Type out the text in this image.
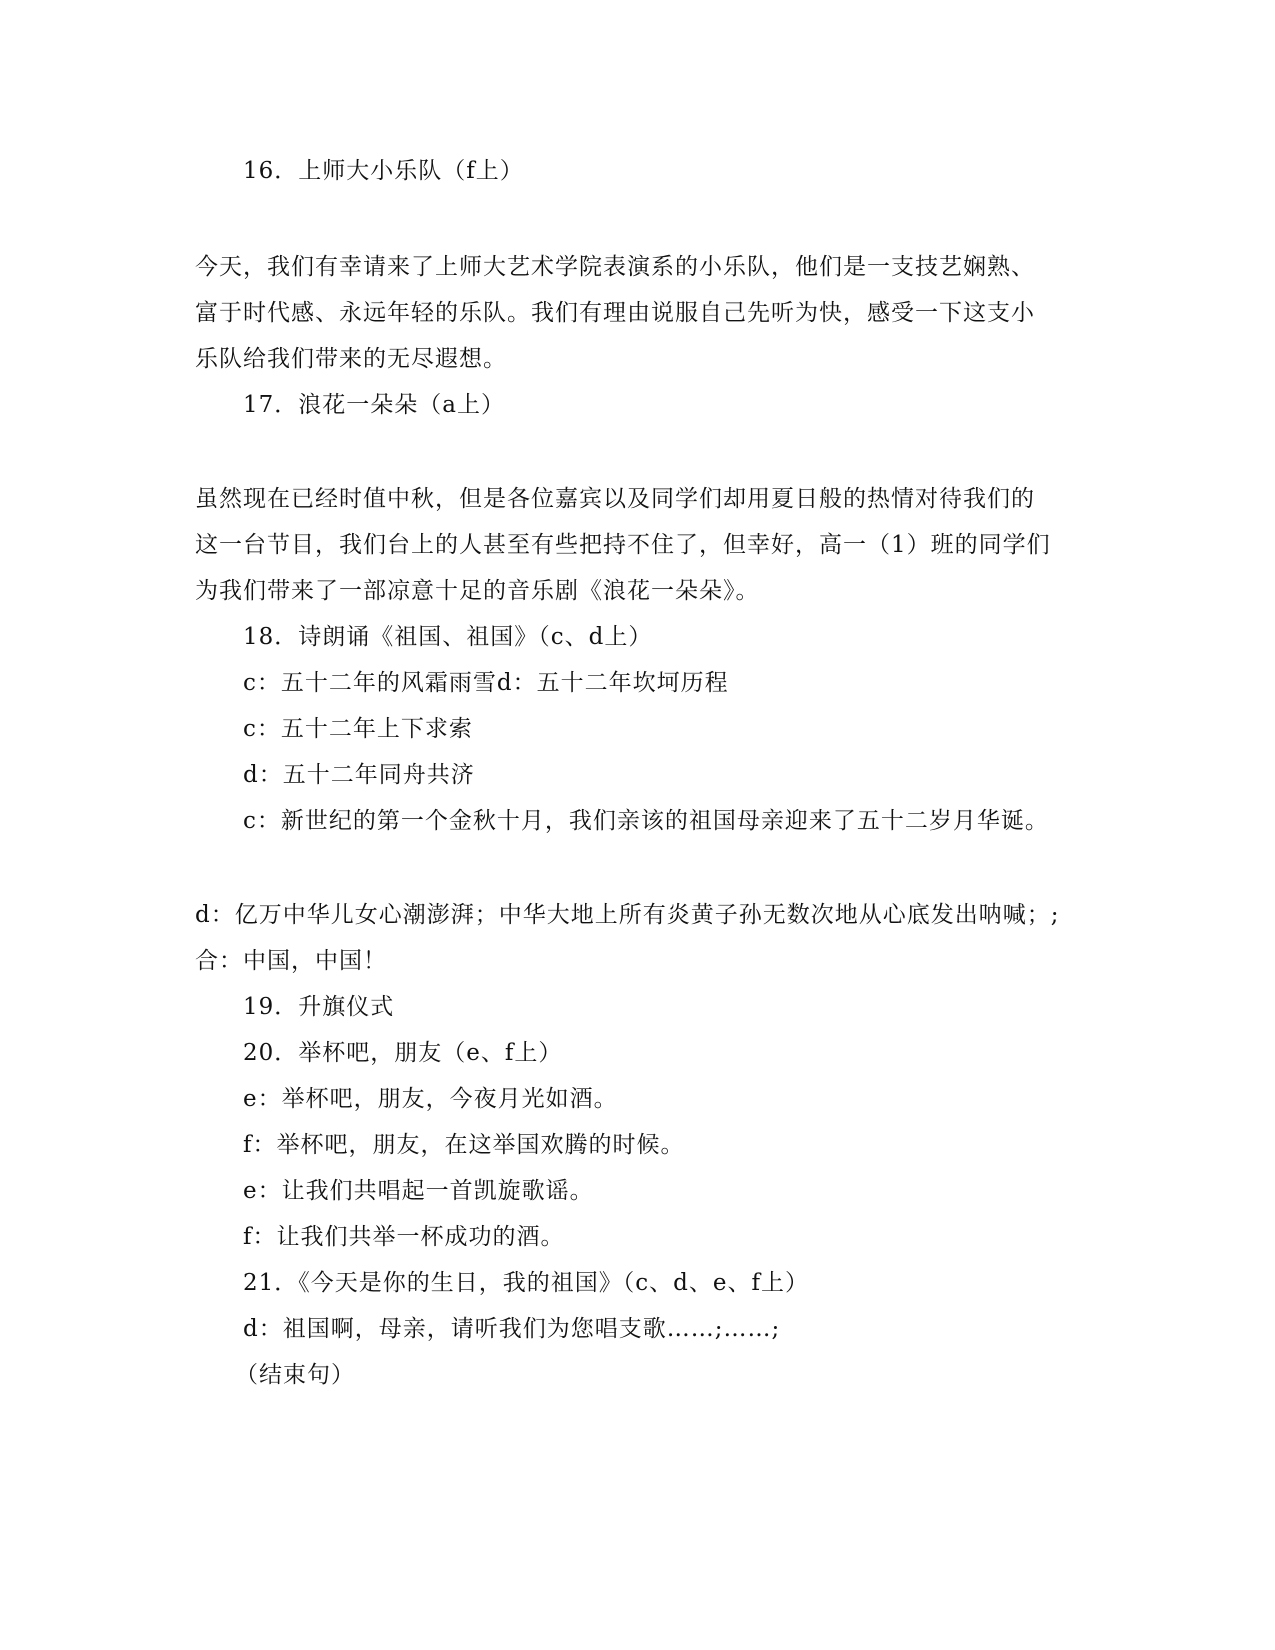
16．上师大小乐队（f上）
今天，我们有幸请来了上师大艺术学院表演系的小乐队，他们是一支技艺娴熟、
富于时代感、永远年轻的乐队。我们有理由说服自己先听为快，感受一下这支小
乐队给我们带来的无尽遐想。
17．浪花一朵朵（a上）
虽然现在已经时值中秋，但是各位嘉宾以及同学们却用夏日般的热情对待我们的
这一台节目，我们台上的人甚至有些把持不住了，但幸好，高一（1）班的同学们
为我们带来了一部凉意十足的音乐剧《浪花一朵朵》。
18．诗朗诵《祖国、祖国》（c、d上）
c：五十二年的风霜雨雪d：五十二年坎坷历程
c：五十二年上下求索
d：五十二年同舟共济
c：新世纪的第一个金秋十月，我们亲该的祖国母亲迎来了五十二岁月华诞。
d：亿万中华儿女心潮澎湃；中华大地上所有炎黄子孙无数次地从心底发出呐喊；;
合：中国，中国！
19．升旗仪式
20．举杯吧，朋友（e、f上）
e：举杯吧，朋友，今夜月光如酒。
f：举杯吧，朋友，在这举国欢腾的时候。
e：让我们共唱起一首凯旋歌谣。
f：让我们共举一杯成功的酒。
21．《今天是你的生日，我的祖国》（c、d、e、f上）
d：祖国啊，母亲，请听我们为您唱支歌……;……;
（结束句）
